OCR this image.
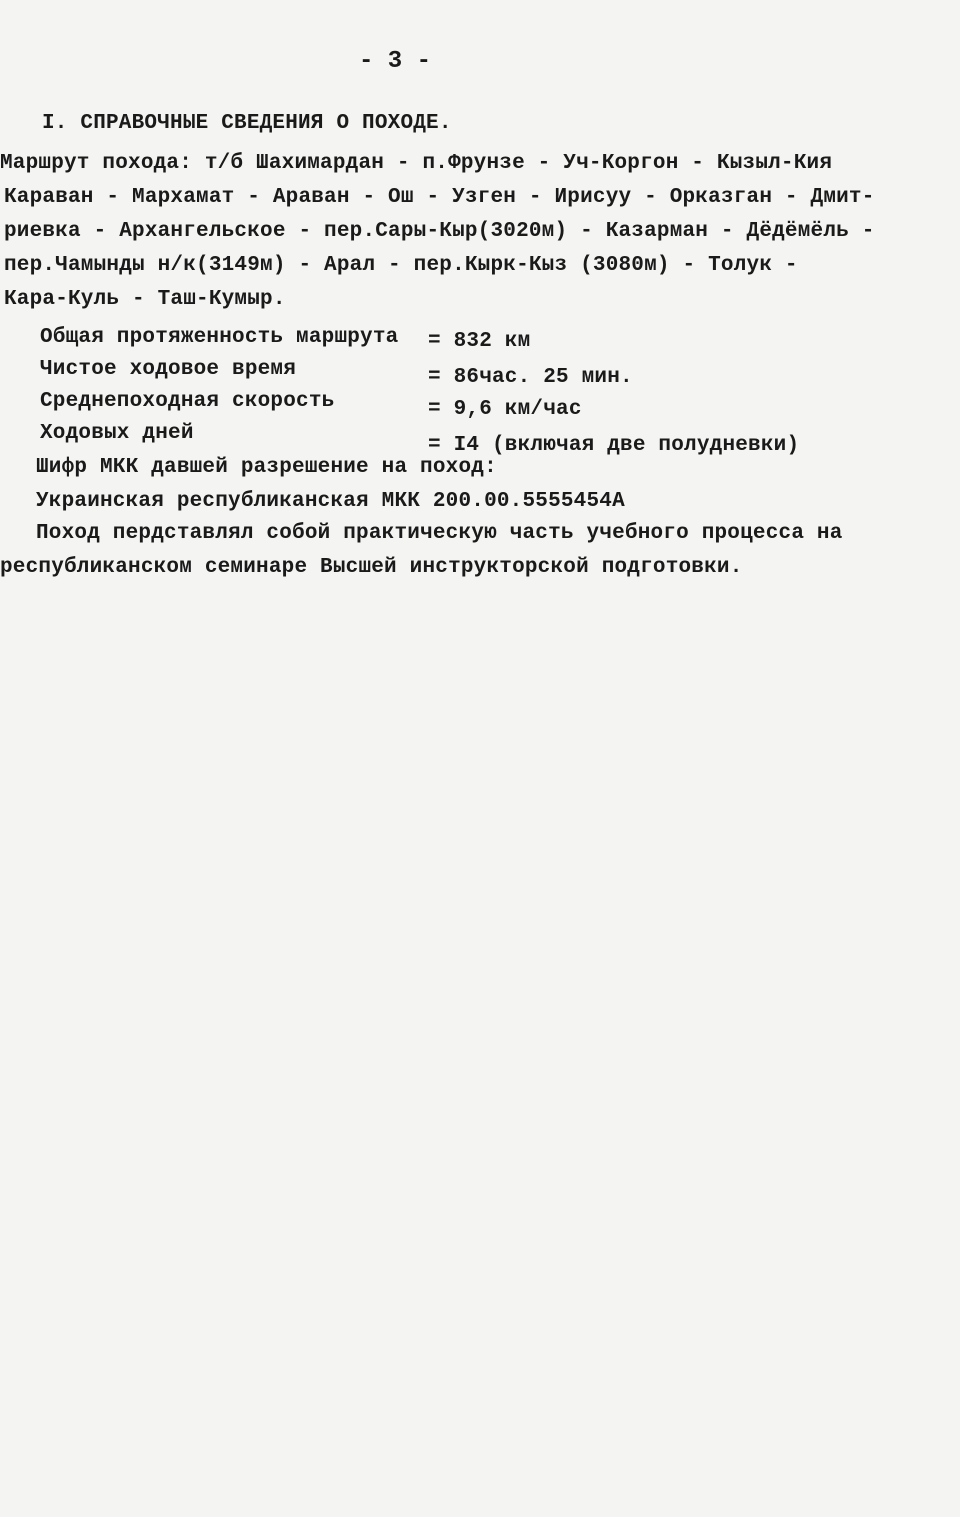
- 3 -
I. СПРАВОЧНЫЕ СВЕДЕНИЯ О ПОХОДЕ.
Маршрут похода: т/б Шахимардан - п.Фрунзе - Уч-Коргон - Кызыл-Кия
Караван - Мархамат - Араван - Ош - Узген - Ирисуу - Орказган - Дмит-
риевка - Архангельское - пер.Сары-Кыр(3020м) - Казарман - Дёдёмёль -
пер.Чамынды н/к(3149м) - Арал - пер.Кырк-Кыз (3080м) - Толук -
Кара-Куль - Таш-Кумыр.
Общая протяженность маршрута = 832 км
Чистое ходовое время	= 86час. 25 мин.
Среднепоходная скорость	= 9,6 км/час
Ходовых дней
= I4 (включая две полудневки)
Шифр МКК давшей разрешение на поход:
Украинская республиканская МКК 200.00.5555454А
Поход пердставлял собой практическую часть учебного процесса на
республиканском семинаре Высшей инструкторской подготовки.
